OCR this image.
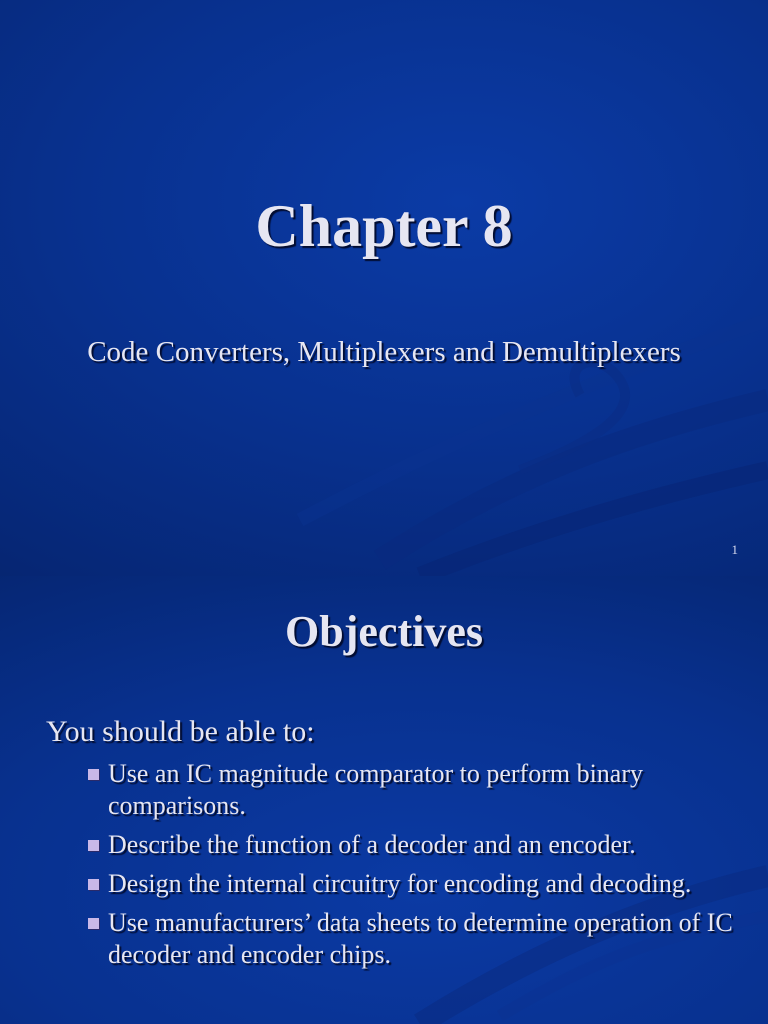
Chapter 8

Code Converters, Multiplexers and Demultiplexers

1
Objectives

You should be able to:

Use an IC magnitude comparator to perform binary comparisons.
Describe the function of a decoder and an encoder.
Design the internal circuitry for encoding and decoding.
Use manufacturers’ data sheets to determine operation of IC decoder and encoder chips.
